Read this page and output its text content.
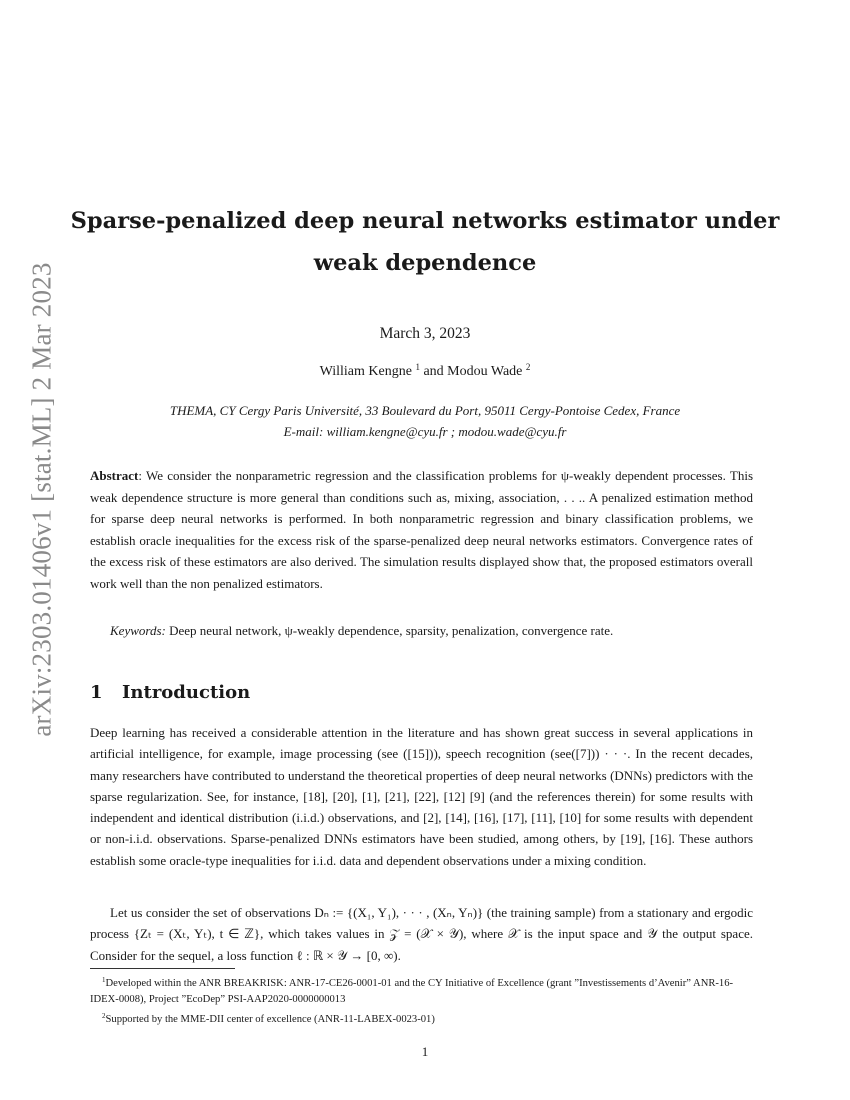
arXiv:2303.01406v1 [stat.ML] 2 Mar 2023
Sparse-penalized deep neural networks estimator under
weak dependence
March 3, 2023
William Kengne $^1$ and Modou Wade $^2$
THEMA, CY Cergy Paris Université, 33 Boulevard du Port, 95011 Cergy-Pontoise Cedex, France
E-mail: william.kengne@cyu.fr ; modou.wade@cyu.fr
Abstract: We consider the nonparametric regression and the classification problems for ψ-weakly dependent processes. This weak dependence structure is more general than conditions such as, mixing, association, . . .. A penalized estimation method for sparse deep neural networks is performed. In both nonparametric regression and binary classification problems, we establish oracle inequalities for the excess risk of the sparse-penalized deep neural networks estimators. Convergence rates of the excess risk of these estimators are also derived. The simulation results displayed show that, the proposed estimators overall work well than the non penalized estimators.
Keywords: Deep neural network, ψ-weakly dependence, sparsity, penalization, convergence rate.
1 Introduction
Deep learning has received a considerable attention in the literature and has shown great success in several applications in artificial intelligence, for example, image processing (see ([15])), speech recognition (see([7])) · · ·. In the recent decades, many researchers have contributed to understand the theoretical properties of deep neural networks (DNNs) predictors with the sparse regularization. See, for instance, [18], [20], [1], [21], [22], [12] [9] (and the references therein) for some results with independent and identical distribution (i.i.d.) observations, and [2], [14], [16], [17], [11], [10] for some results with dependent or non-i.i.d. observations. Sparse-penalized DNNs estimators have been studied, among others, by [19], [16]. These authors establish some oracle-type inequalities for i.i.d. data and dependent observations under a mixing condition.
Let us consider the set of observations Dₙ := {(X₁, Y₁), · · · , (Xₙ, Yₙ)} (the training sample) from a stationary and ergodic process {Zₜ = (Xₜ, Yₜ), t ∈ ℤ}, which takes values in 𝒵 = (𝒳 × 𝒴), where 𝒳 is the input space and 𝒴 the output space. Consider for the sequel, a loss function ℓ : ℝ × 𝒴 → [0, ∞).
$^1$Developed within the ANR BREAKRISK: ANR-17-CE26-0001-01 and the CY Initiative of Excellence (grant ”Investissements d’Avenir” ANR-16-IDEX-0008), Project ”EcoDep” PSI-AAP2020-0000000013
$^2$Supported by the MME-DII center of excellence (ANR-11-LABEX-0023-01)
1
